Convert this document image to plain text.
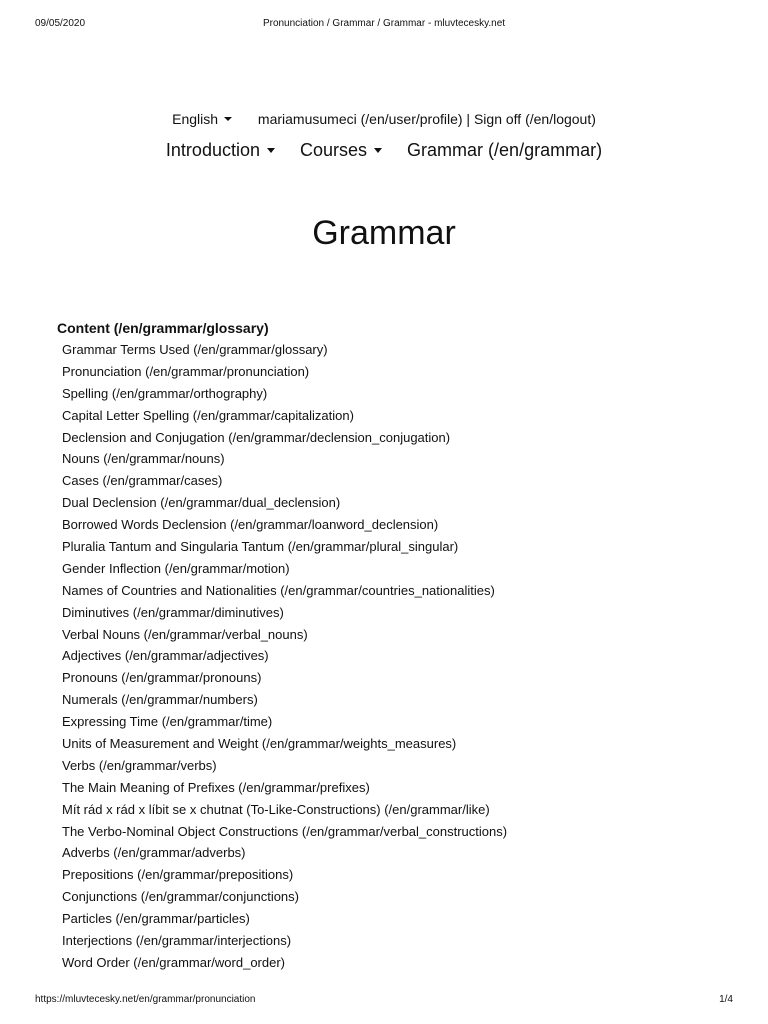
09/05/2020	Pronunciation / Grammar / Grammar - mluvtecesky.net
English	mariamusumeci (/en/user/profile) | Sign off (/en/logout)
Introduction Courses Grammar (/en/grammar)
Grammar
Content (/en/grammar/glossary)
Grammar Terms Used (/en/grammar/glossary)
Pronunciation (/en/grammar/pronunciation)
Spelling (/en/grammar/orthography)
Capital Letter Spelling (/en/grammar/capitalization)
Declension and Conjugation (/en/grammar/declension_conjugation)
Nouns (/en/grammar/nouns)
Cases (/en/grammar/cases)
Dual Declension (/en/grammar/dual_declension)
Borrowed Words Declension (/en/grammar/loanword_declension)
Pluralia Tantum and Singularia Tantum (/en/grammar/plural_singular)
Gender Inflection (/en/grammar/motion)
Names of Countries and Nationalities (/en/grammar/countries_nationalities)
Diminutives (/en/grammar/diminutives)
Verbal Nouns (/en/grammar/verbal_nouns)
Adjectives (/en/grammar/adjectives)
Pronouns (/en/grammar/pronouns)
Numerals (/en/grammar/numbers)
Expressing Time (/en/grammar/time)
Units of Measurement and Weight (/en/grammar/weights_measures)
Verbs (/en/grammar/verbs)
The Main Meaning of Prefixes (/en/grammar/prefixes)
Mít rád x rád x líbit se x chutnat (To-Like-Constructions) (/en/grammar/like)
The Verbo-Nominal Object Constructions (/en/grammar/verbal_constructions)
Adverbs (/en/grammar/adverbs)
Prepositions (/en/grammar/prepositions)
Conjunctions (/en/grammar/conjunctions)
Particles (/en/grammar/particles)
Interjections (/en/grammar/interjections)
Word Order (/en/grammar/word_order)
https://mluvtecesky.net/en/grammar/pronunciation	1/4
